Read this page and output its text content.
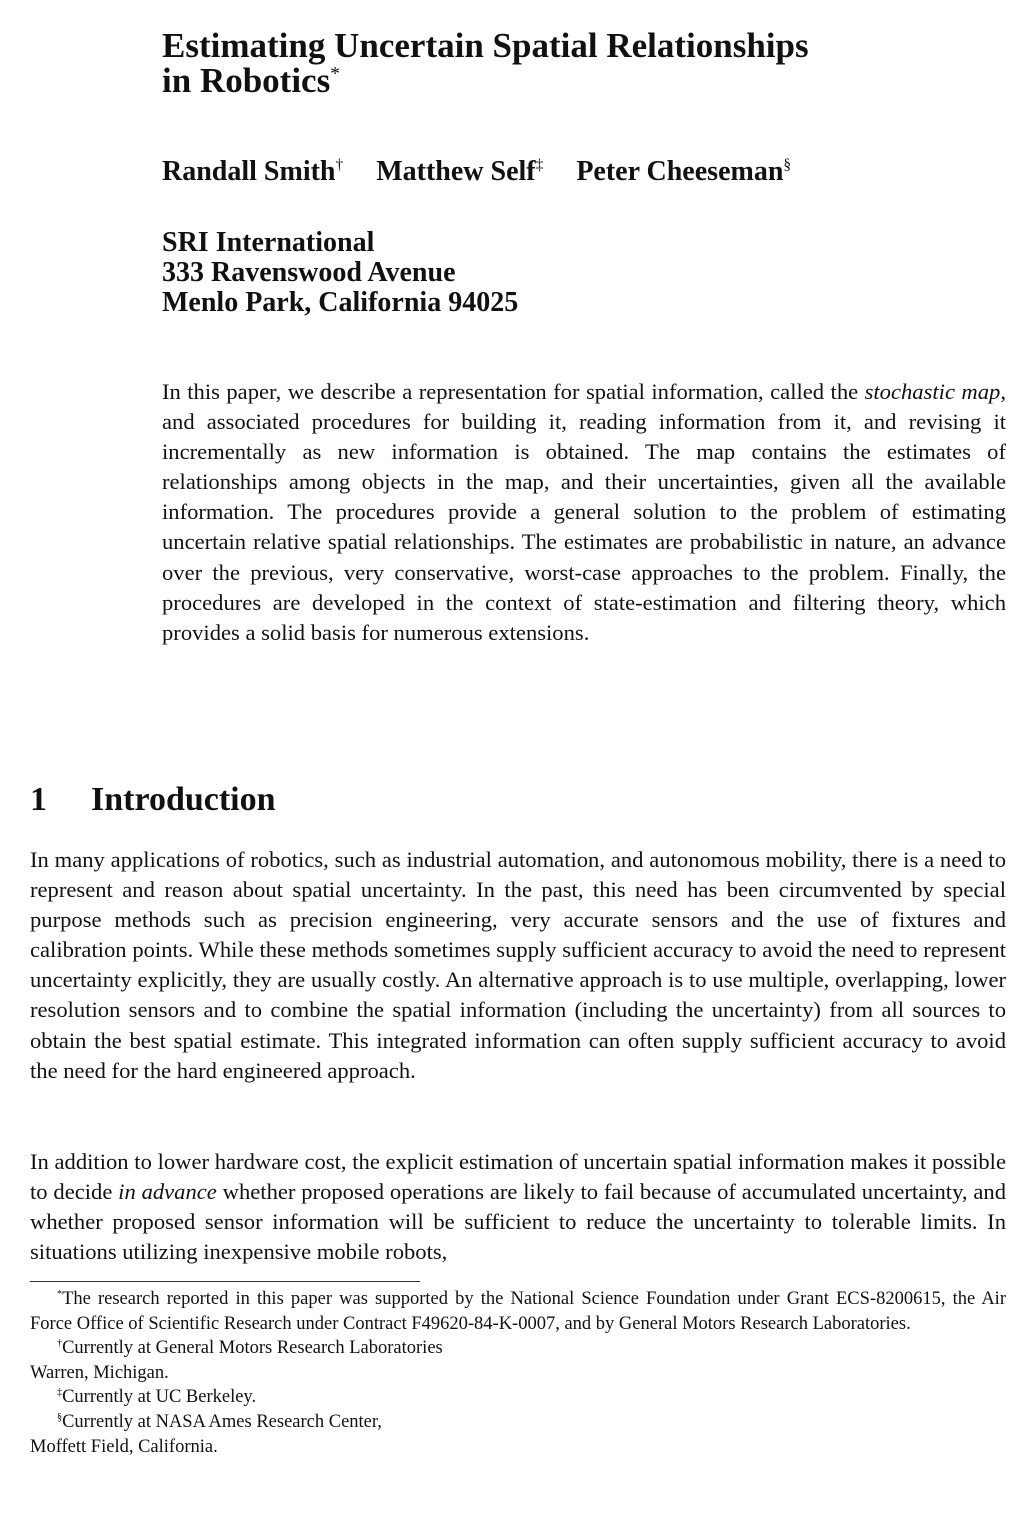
Estimating Uncertain Spatial Relationships
in Robotics*
Randall Smith† Matthew Self‡ Peter Cheeseman§
SRI International
333 Ravenswood Avenue
Menlo Park, California 94025

In this paper, we describe a representation for spatial information, called the stochastic map, and associated procedures for building it, reading information from it, and revising it incrementally as new information is obtained. The map contains the estimates of relationships among objects in the map, and their uncertainties, given all the available information. The procedures provide a general solution to the problem of estimating uncertain relative spatial relationships. The estimates are probabilistic in nature, an advance over the previous, very conservative, worst-case approaches to the problem. Finally, the procedures are developed in the context of state-estimation and filtering theory, which provides a solid basis for numerous extensions.

1 Introduction

In many applications of robotics, such as industrial automation, and autonomous mobility, there is a need to represent and reason about spatial uncertainty. In the past, this need has been circumvented by special purpose methods such as precision engineering, very accurate sensors and the use of fixtures and calibration points. While these methods sometimes supply sufficient accuracy to avoid the need to represent uncertainty explicitly, they are usually costly. An alternative approach is to use multiple, overlapping, lower resolution sensors and to combine the spatial information (including the uncertainty) from all sources to obtain the best spatial estimate. This integrated information can often supply sufficient accuracy to avoid the need for the hard engineered approach.

In addition to lower hardware cost, the explicit estimation of uncertain spatial information makes it possible to decide in advance whether proposed operations are likely to fail because of accumulated uncertainty, and whether proposed sensor information will be sufficient to reduce the uncertainty to tolerable limits. In situations utilizing inexpensive mobile robots,

*The research reported in this paper was supported by the National Science Foundation under Grant ECS-8200615, the Air Force Office of Scientific Research under Contract F49620-84-K-0007, and by General Motors Research Laboratories.

†Currently at General Motors Research Laboratories
Warren, Michigan.

‡Currently at UC Berkeley.

§Currently at NASA Ames Research Center,
Moffett Field, California.
